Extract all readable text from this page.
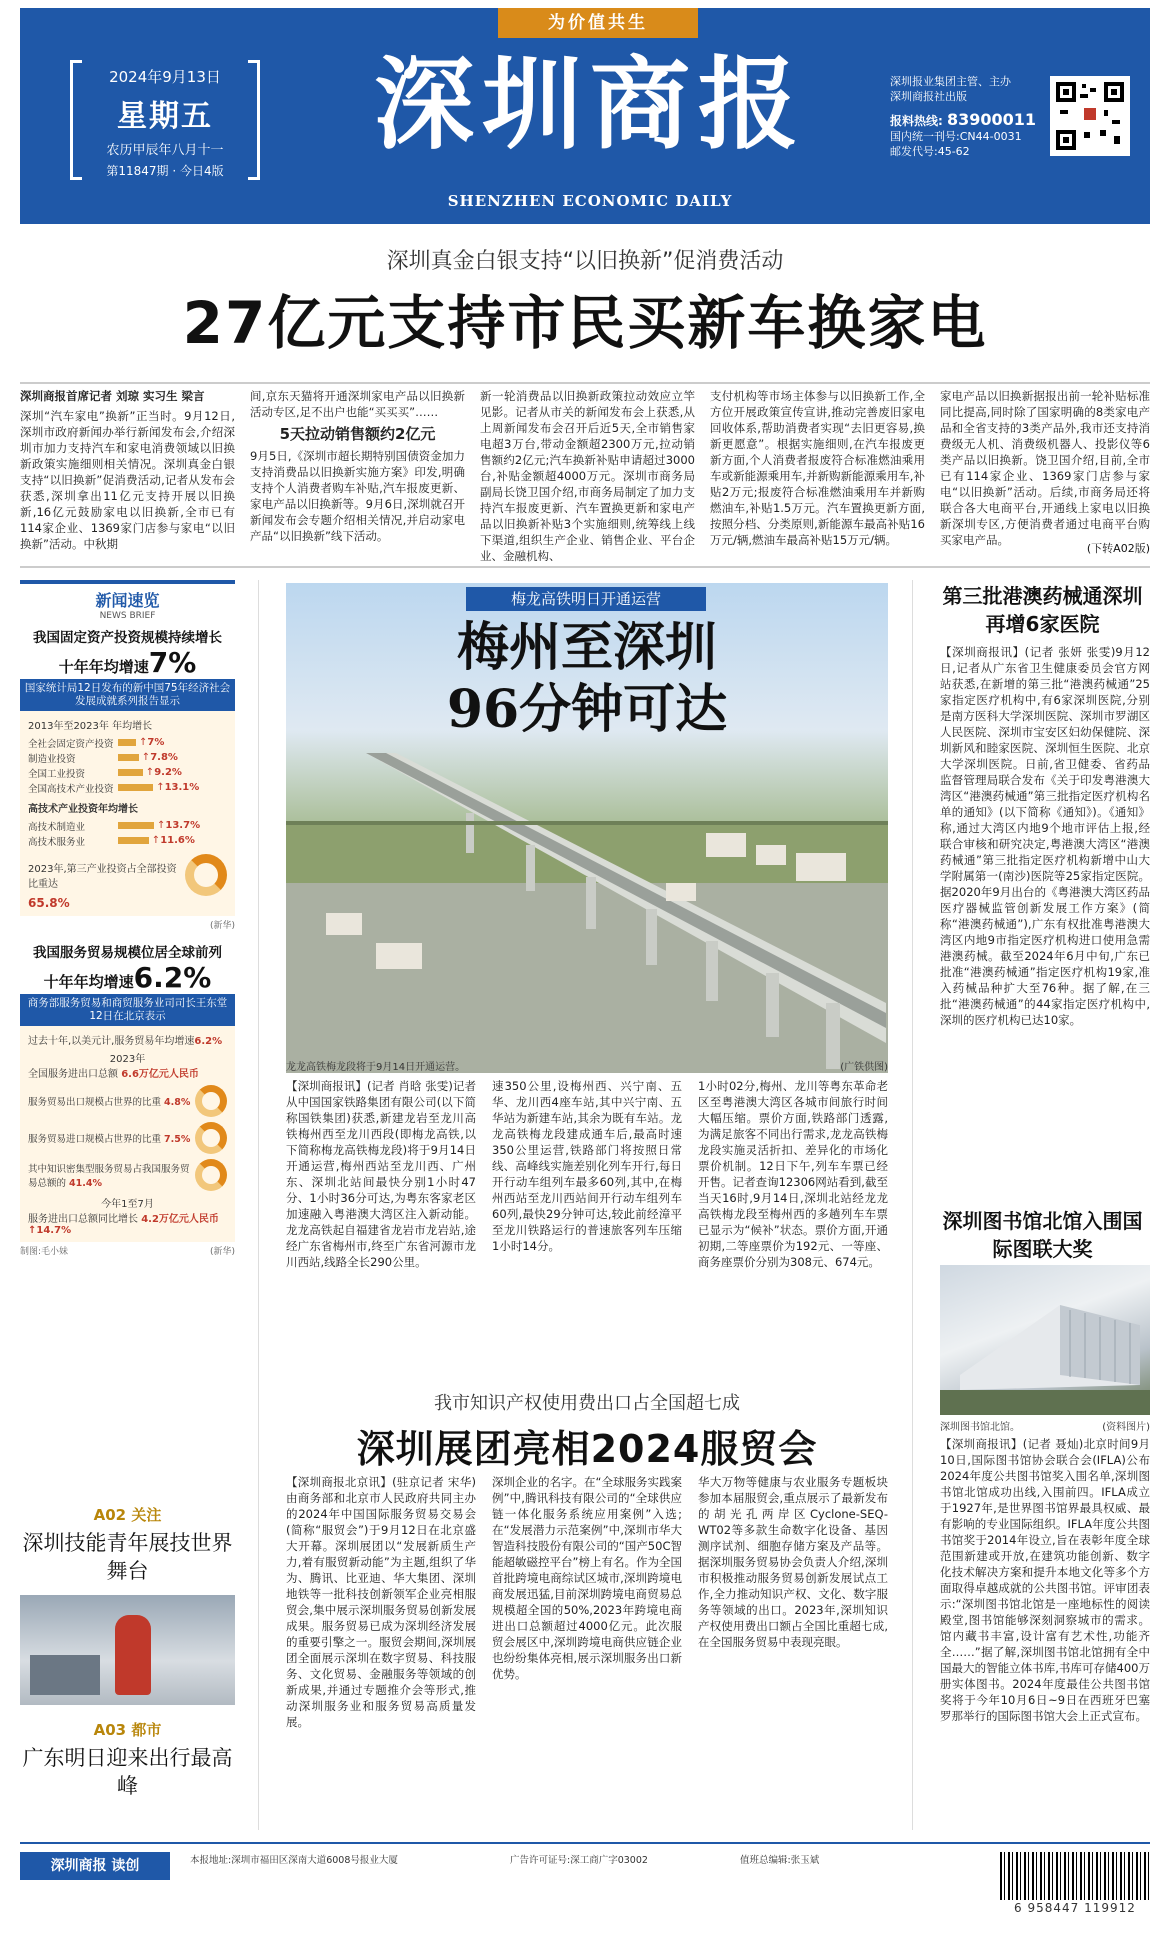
为价值共生
2024年9月13日
星期五
农历甲辰年八月十一
第11847期 · 今日4版
深圳商报
SHENZHEN ECONOMIC DAILY
深圳报业集团主管、主办
深圳商报社出版
报料热线: 83900011
国内统一刊号:CN44-0031
邮发代号:45-62
深圳真金白银支持“以旧换新”促消费活动
27亿元支持市民买新车换家电
深圳商报首席记者 刘琼 实习生 梁言
深圳“汽车家电”换新”正当时。9月12日,深圳市政府新闻办举行新闻发布会,介绍深圳市加力支持汽车和家电消费领域以旧换新政策实施细则相关情况。深圳真金白银支持“以旧换新”促消费活动,记者从发布会获悉,深圳拿出11亿元支持开展以旧换新,16亿元鼓励家电以旧换新,全市已有114家企业、1369家门店参与家电“以旧换新”活动。中秋期
间,京东天猫将开通深圳家电产品以旧换新活动专区,足不出户也能“买买买”……
5天拉动销售额约2亿元
9月5日,《深圳市超长期特别国债资金加力支持消费品以旧换新实施方案》印发,明确支持个人消费者购车补贴,汽车报废更新、家电产品以旧换新等。9月6日,深圳就召开新闻发布会专题介绍相关情况,并启动家电产品“以旧换新”线下活动。
新一轮消费品以旧换新政策拉动效应立竿见影。记者从市关的新闻发布会上获悉,从上周新闻发布会召开后近5天,全市销售家电超3万台,带动金额超2300万元,拉动销售额约2亿元;汽车换新补贴申请超过3000台,补贴金额超4000万元。深圳市商务局副局长饶卫国介绍,市商务局制定了加力支持汽车报废更新、汽车置换更新和家电产品以旧换新补贴3个实施细则,统筹线上线下渠道,组织生产企业、销售企业、平台企业、金融机构、
支付机构等市场主体参与以旧换新工作,全方位开展政策宣传宣讲,推动完善废旧家电回收体系,帮助消费者实现“去旧更容易,换新更愿意”。根据实施细则,在汽车报废更新方面,个人消费者报废符合标准燃油乘用车或新能源乘用车,并新购新能源乘用车,补贴2万元;报废符合标准燃油乘用车并新购燃油车,补贴1.5万元。汽车置换更新方面,按照分档、分类原则,新能源车最高补贴16万元/辆,燃油车最高补贴15万元/辆。
家电产品以旧换新据报出前一轮补贴标准同比提高,同时除了国家明确的8类家电产品和全省支持的3类产品外,我市还支持消费级无人机、消费级机器人、投影仪等6类产品以旧换新。饶卫国介绍,目前,全市已有114家企业、1369家门店参与家电“以旧换新”活动。后续,市商务局还将联合各大电商平台,开通线上家电以旧换新深圳专区,方便消费者通过电商平台购买家电产品。
(下转A02版)
新闻速览
NEWS BRIEF
我国固定资产投资规模持续增长
十年年均增速7%
国家统计局12日发布的新中国75年经济社会发展成就系列报告显示
2013年至2023年 年均增长
全社会固定资产投资	↑ 7%
制造业投资	↑ 7.8%
全国工业投资	↑ 9.2%
全国高技术产业投资	↑ 13.1%
高技术产业投资年均增长
高技术制造业	↑ 13.7%
高技术服务业	↑ 11.6%
2023年,第三产业投资占全部投资比重达
65.8%
(新华)
我国服务贸易规模位居全球前列
十年年均增速6.2%
商务部服务贸易和商贸服务业司司长王东堂12日在北京表示
过去十年,以美元计,服务贸易年均增速6.2%
2023年
全国服务进出口总额 6.6万亿元人民币
服务贸易出口规模占世界的比重 4.8%
服务贸易进口规模占世界的比重 7.5%
其中知识密集型服务贸易占我国服务贸易总额的 41.4%
今年1至7月
服务进出口总额同比增长 4.2万亿元人民币 ↑14.7%
制图:毛小妹	(新华)
A02 关注
深圳技能青年展技世界舞台
A03 都市
广东明日迎来出行最高峰
梅龙高铁明日开通运营
梅州至深圳
96分钟可达
龙龙高铁梅龙段将于9月14日开通运营。	(广铁供图)
【深圳商报讯】(记者 肖晗 张雯)记者从中国国家铁路集团有限公司(以下简称国铁集团)获悉,新建龙岩至龙川高铁梅州西至龙川西段(即梅龙高铁,以下简称梅龙高铁梅龙段)将于9月14日开通运营,梅州西站至龙川西、广州东、深圳北站间最快分别1小时47分、1小时36分可达,为粤东客家老区加速融入粤港澳大湾区注入新动能。龙龙高铁起自福建省龙岩市龙岩站,途经广东省梅州市,终至广东省河源市龙川西站,线路全长290公里。
速350公里,设梅州西、兴宁南、五华、龙川西4座车站,其中兴宁南、五华站为新建车站,其余为既有车站。龙龙高铁梅龙段建成通车后,最高时速350公里运营,铁路部门将按照日常线、高峰线实施差别化列车开行,每日开行动车组列车最多60列,其中,在梅州西站至龙川西站间开行动车组列车60列,最快29分钟可达,较此前经漳平至龙川铁路运行的普速旅客列车压缩1小时14分。
1小时02分,梅州、龙川等粤东革命老区至粤港澳大湾区各城市间旅行时间大幅压缩。票价方面,铁路部门透露,为满足旅客不同出行需求,龙龙高铁梅龙段实施灵活折扣、差异化的市场化票价机制。12日下午,列车车票已经开售。记者查询12306网站看到,截至当天16时,9月14日,深圳北站经龙龙高铁梅龙段至梅州西的多趟列车车票已显示为“候补”状态。票价方面,开通初期,二等座票价为192元、一等座、商务座票价分别为308元、674元。
第三批港澳药械通深圳再增6家医院
【深圳商报讯】(记者 张妍 张雯)9月12日,记者从广东省卫生健康委员会官方网站获悉,在新增的第三批“港澳药械通”25家指定医疗机构中,有6家深圳医院,分别是南方医科大学深圳医院、深圳市罗湖区人民医院、深圳市宝安区妇幼保健院、深圳新风和睦家医院、深圳恒生医院、北京大学深圳医院。日前,省卫健委、省药品监督管理局联合发布《关于印发粤港澳大湾区“港澳药械通”第三批指定医疗机构名单的通知》(以下简称《通知》)。《通知》称,通过大湾区内地9个地市评估上报,经联合审核和研究决定,粤港澳大湾区“港澳药械通”第三批指定医疗机构新增中山大学附属第一(南沙)医院等25家指定医院。据2020年9月出台的《粤港澳大湾区药品医疗器械监管创新发展工作方案》(简称“港澳药械通”),广东有权批准粤港澳大湾区内地9市指定医疗机构进口使用急需港澳药械。截至2024年6月中旬,广东已批准“港澳药械通”指定医疗机构19家,准入药械品种扩大至76种。据了解,在三批“港澳药械通”的44家指定医疗机构中,深圳的医疗机构已达10家。
深圳图书馆北馆入围国际图联大奖
深圳图书馆北馆。	(资料图片)
【深圳商报讯】(记者 聂灿)北京时间9月10日,国际图书馆协会联合会(IFLA)公布2024年度公共图书馆奖入围名单,深圳图书馆北馆成功出线,入围前四。IFLA成立于1927年,是世界图书馆界最具权威、最有影响的专业国际组织。IFLA年度公共图书馆奖于2014年设立,旨在表彰年度全球范围新建或开放,在建筑功能创新、数字化技术解决方案和提升本地文化等多个方面取得卓越成就的公共图书馆。评审团表示:“深圳图书馆北馆是一座地标性的阅读殿堂,图书馆能够深刻洞察城市的需求。馆内藏书丰富,设计富有艺术性,功能齐全……”据了解,深圳图书馆北馆拥有全中国最大的智能立体书库,书库可存储400万册实体图书。2024年度最佳公共图书馆奖将于今年10月6日~9日在西班牙巴塞罗那举行的国际图书馆大会上正式宣布。
我市知识产权使用费出口占全国超七成
深圳展团亮相2024服贸会
【深圳商报北京讯】(驻京记者 宋华)由商务部和北京市人民政府共同主办的2024年中国国际服务贸易交易会(简称“服贸会”)于9月12日在北京盛大开幕。深圳展团以“发展新质生产力,着有服贸新动能”为主题,组织了华为、腾讯、比亚迪、华大集团、深圳地铁等一批科技创新领军企业亮相服贸会,集中展示深圳服务贸易创新发展成果。服务贸易已成为深圳经济发展的重要引擎之一。服贸会期间,深圳展团全面展示深圳在数字贸易、科技服务、文化贸易、金融服务等领域的创新成果,并通过专题推介会等形式,推动深圳服务业和服务贸易高质量发展。
深圳企业的名字。在“全球服务实践案例”中,腾讯科技有限公司的“全球供应链一体化服务系统应用案例”入选;在“发展潜力示范案例”中,深圳市华大智造科技股份有限公司的“国产50C智能超敏磁控平台”榜上有名。作为全国首批跨境电商综试区城市,深圳跨境电商发展迅猛,目前深圳跨境电商贸易总规模超全国的50%,2023年跨境电商进出口总额超过4000亿元。此次服贸会展区中,深圳跨境电商供应链企业也纷纷集体亮相,展示深圳服务出口新优势。
华大万物等健康与农业服务专题板块参加本届服贸会,重点展示了最新发布的胡光孔两岸区Cyclone-SEQ-WT02等多款生命数字化设备、基因测序试剂、细胞存储方案及产品等。据深圳服务贸易协会负责人介绍,深圳市积极推动服务贸易创新发展试点工作,全力推动知识产权、文化、数字服务等领域的出口。2023年,深圳知识产权使用费出口额占全国比重超七成,在全国服务贸易中表现亮眼。
深圳商报 读创	本报地址:深圳市福田区深南大道6008号报业大厦	广告许可证号:深工商广字03002	值班总编辑:张玉斌
6 958447 119912
